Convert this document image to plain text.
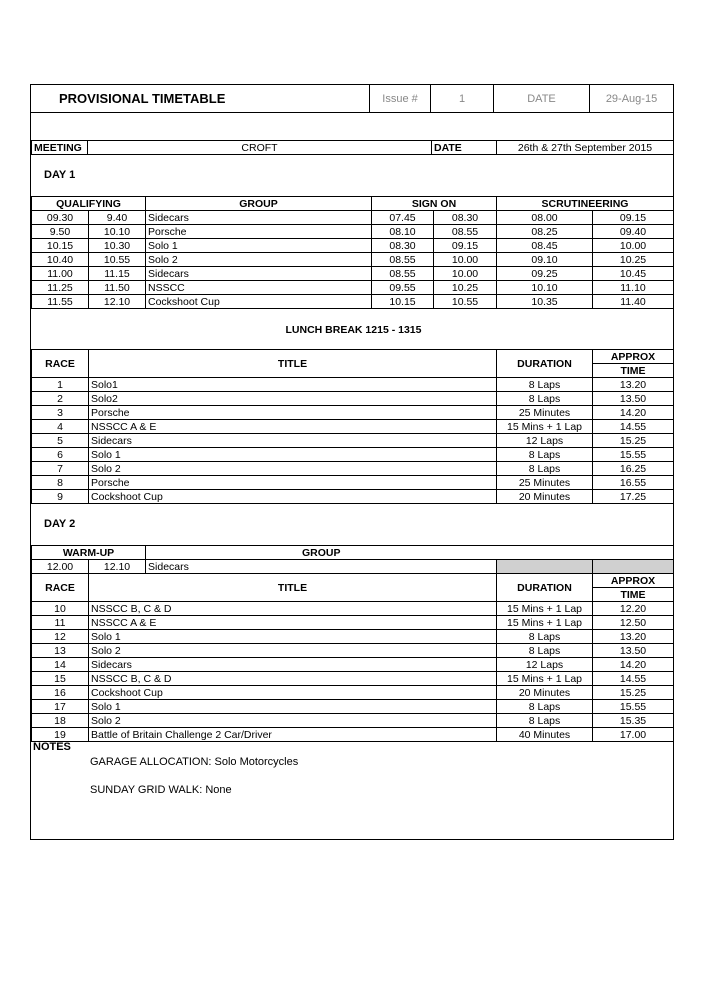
PROVISIONAL TIMETABLE	Issue #	1	DATE	29-Aug-15
MEETING	CROFT	DATE	26th & 27th September 2015
DAY 1
QUALIFYING		GROUP	SIGN ON		SCRUTINEERING	
09.30	9.40	Sidecars	07.45	08.30	08.00	09.15
9.50	10.10	Porsche	08.10	08.55	08.25	09.40
10.15	10.30	Solo 1	08.30	09.15	08.45	10.00
10.40	10.55	Solo 2	08.55	10.00	09.10	10.25
11.00	11.15	Sidecars	08.55	10.00	09.25	10.45
11.25	11.50	NSSCC	09.55	10.25	10.10	11.10
11.55	12.10	Cockshoot Cup	10.15	10.55	10.35	11.40
LUNCH BREAK 1215 - 1315
RACE	TITLE	DURATION	APPROX
			TIME
1	Solo1	8 Laps	13.20
2	Solo2	8 Laps	13.50
3	Porsche	25 Minutes	14.20
4	NSSCC A & E	15 Mins + 1 Lap	14.55
5	Sidecars	12 Laps	15.25
6	Solo 1	8 Laps	15.55
7	Solo 2	8 Laps	16.25
8	Porsche	25 Minutes	16.55
9	Cockshoot Cup	20 Minutes	17.25
DAY 2
WARM-UP		GROUP		
12.00	12.10	Sidecars		
RACE	TITLE	DURATION	APPROX
			TIME
10	NSSCC B, C & D	15 Mins + 1 Lap	12.20
11	NSSCC A & E	15 Mins + 1 Lap	12.50
12	Solo 1	8 Laps	13.20
13	Solo 2	8 Laps	13.50
14	Sidecars	12 Laps	14.20
15	NSSCC B, C & D	15 Mins + 1 Lap	14.55
16	Cockshoot Cup	20 Minutes	15.25
17	Solo 1	8 Laps	15.55
18	Solo 2	8 Laps	15.35
19	Battle of Britain Challenge 2 Car/Driver	40 Minutes	17.00
NOTES
GARAGE ALLOCATION: Solo Motorcycles
SUNDAY GRID WALK: None
